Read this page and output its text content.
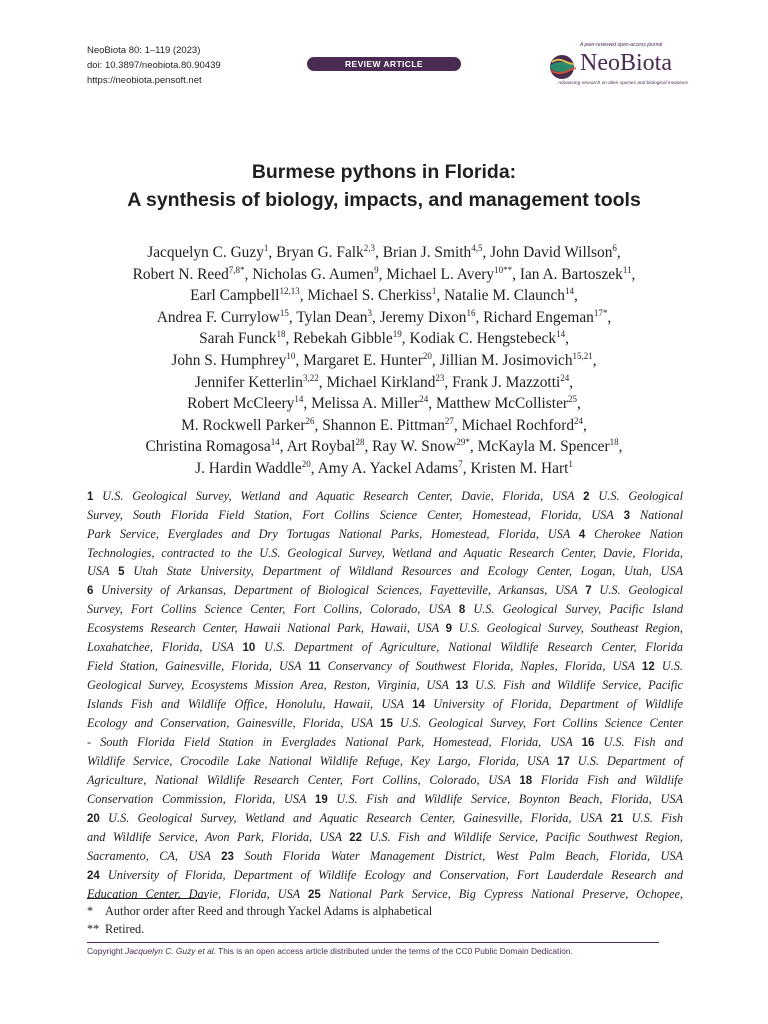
NeoBiota 80: 1–119 (2023)
doi: 10.3897/neobiota.80.90439
https://neobiota.pensoft.net
REVIEW ARTICLE
A peer-reviewed open-access journal
NeoBiota
Advancing research on alien species and biological invasions
Burmese pythons in Florida:
A synthesis of biology, impacts, and management tools
Jacquelyn C. Guzy$^1$, Bryan G. Falk$^{2,3}$, Brian J. Smith$^{4,5}$, John David Willson$^6$,
Robert N. Reed$^{7,8*}$, Nicholas G. Aumen$^9$, Michael L. Avery$^{10**}$, Ian A. Bartoszek$^{11}$,
Earl Campbell$^{12,13}$, Michael S. Cherkiss$^1$, Natalie M. Claunch$^{14}$,
Andrea F. Currylow$^{15}$, Tylan Dean$^3$, Jeremy Dixon$^{16}$, Richard Engeman$^{17*}$,
Sarah Funck$^{18}$, Rebekah Gibble$^{19}$, Kodiak C. Hengstebeck$^{14}$,
John S. Humphrey$^{10}$, Margaret E. Hunter$^{20}$, Jillian M. Josimovich$^{15,21}$,
Jennifer Ketterlin$^{3,22}$, Michael Kirkland$^{23}$, Frank J. Mazzotti$^{24}$,
Robert McCleery$^{14}$, Melissa A. Miller$^{24}$, Matthew McCollister$^{25}$,
M. Rockwell Parker$^{26}$, Shannon E. Pittman$^{27}$, Michael Rochford$^{24}$,
Christina Romagosa$^{14}$, Art Roybal$^{28}$, Ray W. Snow$^{29*}$, McKayla M. Spencer$^{18}$,
J. Hardin Waddle$^{20}$, Amy A. Yackel Adams$^7$, Kristen M. Hart$^1$
1 U.S. Geological Survey, Wetland and Aquatic Research Center, Davie, Florida, USA 2 U.S. Geological
Survey, South Florida Field Station, Fort Collins Science Center, Homestead, Florida, USA 3 National
Park Service, Everglades and Dry Tortugas National Parks, Homestead, Florida, USA 4 Cherokee Nation
Technologies, contracted to the U.S. Geological Survey, Wetland and Aquatic Research Center, Davie, Florida,
USA 5 Utah State University, Department of Wildland Resources and Ecology Center, Logan, Utah, USA
6 University of Arkansas, Department of Biological Sciences, Fayetteville, Arkansas, USA 7 U.S. Geological
Survey, Fort Collins Science Center, Fort Collins, Colorado, USA 8 U.S. Geological Survey, Pacific Island
Ecosystems Research Center, Hawaii National Park, Hawaii, USA 9 U.S. Geological Survey, Southeast Region,
Loxahatchee, Florida, USA 10 U.S. Department of Agriculture, National Wildlife Research Center, Florida
Field Station, Gainesville, Florida, USA 11 Conservancy of Southwest Florida, Naples, Florida, USA 12 U.S.
Geological Survey, Ecosystems Mission Area, Reston, Virginia, USA 13 U.S. Fish and Wildlife Service, Pacific
Islands Fish and Wildlife Office, Honolulu, Hawaii, USA 14 University of Florida, Department of Wildlife
Ecology and Conservation, Gainesville, Florida, USA 15 U.S. Geological Survey, Fort Collins Science Center
- South Florida Field Station in Everglades National Park, Homestead, Florida, USA 16 U.S. Fish and
Wildlife Service, Crocodile Lake National Wildlife Refuge, Key Largo, Florida, USA 17 U.S. Department of
Agriculture, National Wildlife Research Center, Fort Collins, Colorado, USA 18 Florida Fish and Wildlife
Conservation Commission, Florida, USA 19 U.S. Fish and Wildlife Service, Boynton Beach, Florida, USA
20 U.S. Geological Survey, Wetland and Aquatic Research Center, Gainesville, Florida, USA 21 U.S. Fish
and Wildlife Service, Avon Park, Florida, USA 22 U.S. Fish and Wildlife Service, Pacific Southwest Region,
Sacramento, CA, USA 23 South Florida Water Management District, West Palm Beach, Florida, USA
24 University of Florida, Department of Wildlife Ecology and Conservation, Fort Lauderdale Research and
Education Center, Davie, Florida, USA 25 National Park Service, Big Cypress National Preserve, Ochopee,
* Author order after Reed and through Yackel Adams is alphabetical
** Retired.
Copyright Jacquelyn C. Guzy et al. This is an open access article distributed under the terms of the CC0 Public Domain Dedication.
